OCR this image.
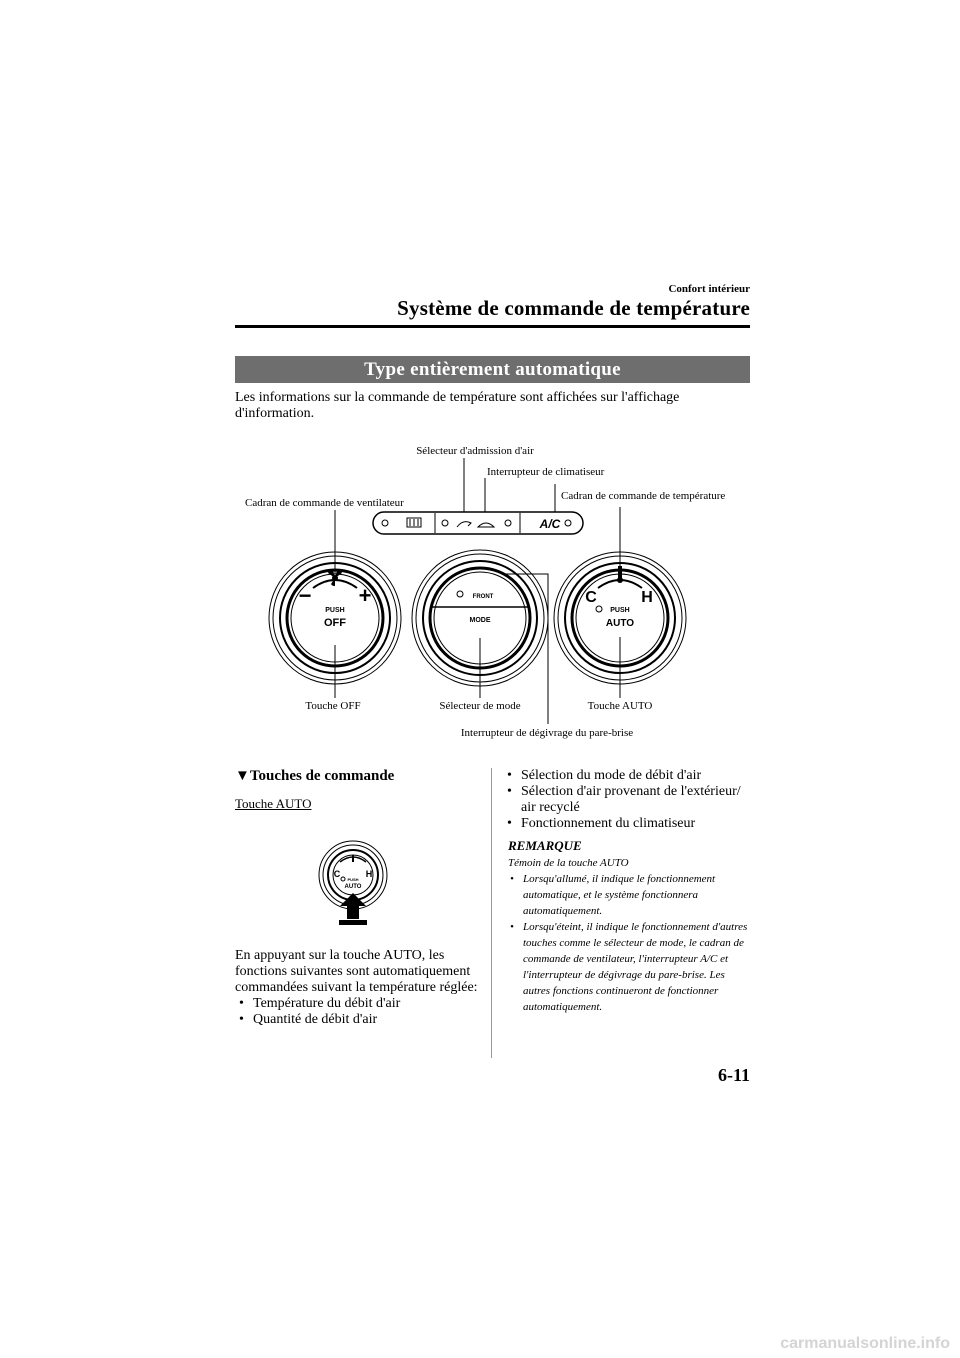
Confort intérieur
Système de commande de température
Type entièrement automatique
Les informations sur la commande de température sont affichées sur l'affichage d'information.
A/C
− +
PUSH
OFF
FRONT
MODE
C	H
PUSH
AUTO
Sélecteur d'admission d'air
Interrupteur de climatiseur
Cadran de commande de ventilateur
Cadran de commande de température
Touche OFF	Sélecteur de mode	Touche AUTO
Interrupteur de dégivrage du pare-brise
▼Touches de commande
Touche AUTO
C	H
PUSH
AUTO
En appuyant sur la touche AUTO, les fonctions suivantes sont automatiquement commandées suivant la température réglée:
• Température du débit d'air
• Quantité de débit d'air
• Sélection du mode de débit d'air
• Sélection d'air provenant de l'extérieur/ air recyclé
• Fonctionnement du climatiseur
REMARQUE
Témoin de la touche AUTO
• Lorsqu'allumé, il indique le fonctionnement automatique, et le système fonctionnera automatiquement.
• Lorsqu'éteint, il indique le fonctionnement d'autres touches comme le sélecteur de mode, le cadran de commande de ventilateur, l'interrupteur A/C et l'interrupteur de dégivrage du pare-brise. Les autres fonctions continueront de fonctionner automatiquement.
6-11
carmanualsonline.info
